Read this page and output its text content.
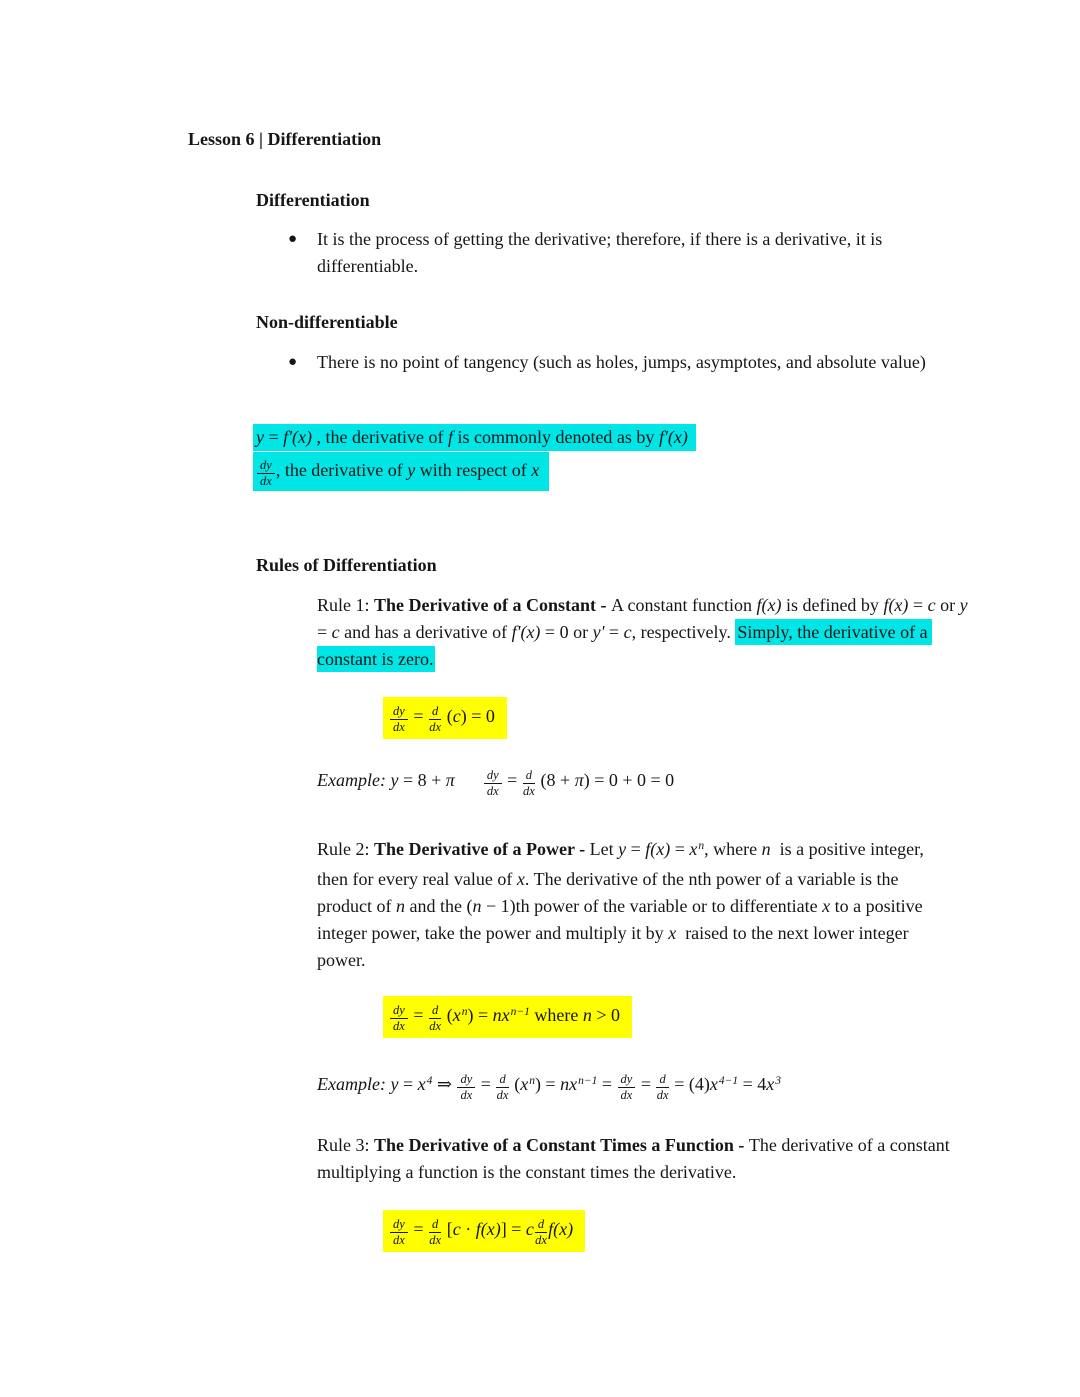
Lesson 6 | Differentiation
Differentiation
●	It is the process of getting the derivative; therefore, if there is a derivative, it is differentiable.
Non-differentiable
●	There is no point of tangency (such as holes, jumps, asymptotes, and absolute value)
y = f'(x) , the derivative of f is commonly denoted as by f′(x)
$\frac{dy}{dx}$ , the derivative of y with respect of x
Rules of Differentiation
Rule 1: The Derivative of a Constant - A constant function f(x) is defined by f(x) = c or y = c and has a derivative of f'(x) = 0 or y' = c, respectively. Simply, the derivative of a constant is zero.
$\frac{dy}{dx} = \frac{d}{dx} (c) = 0$
Example: y = 8 + π $\frac{dy}{dx} = \frac{d}{dx} (8 + \pi) = 0 + 0 = 0$
Rule 2: The Derivative of a Power - Let $y = f(x) = x^n$, where n  is a positive integer, then for every real value of x. The derivative of the nth power of a variable is the product of n and the (n − 1)th power of the variable or to differentiate x to a positive integer power, take the power and multiply it by x  raised to the next lower integer power.
$\frac{dy}{dx} = \frac{d}{dx} (x^n) = nx^{n-1}$ where n > 0
Example: $y = x^4$ ⇒ $\frac{dy}{dx} = \frac{d}{dx} (x^n) = nx^{n-1} = \frac{dy}{dx} = \frac{d}{dx} = (4)x^{4-1} = 4x^3$
Rule 3: The Derivative of a Constant Times a Function - The derivative of a constant multiplying a function is the constant times the derivative.
$\frac{dy}{dx} = \frac{d}{dx} [c \cdot f(x)] = c \frac{d}{dx} f(x)$
